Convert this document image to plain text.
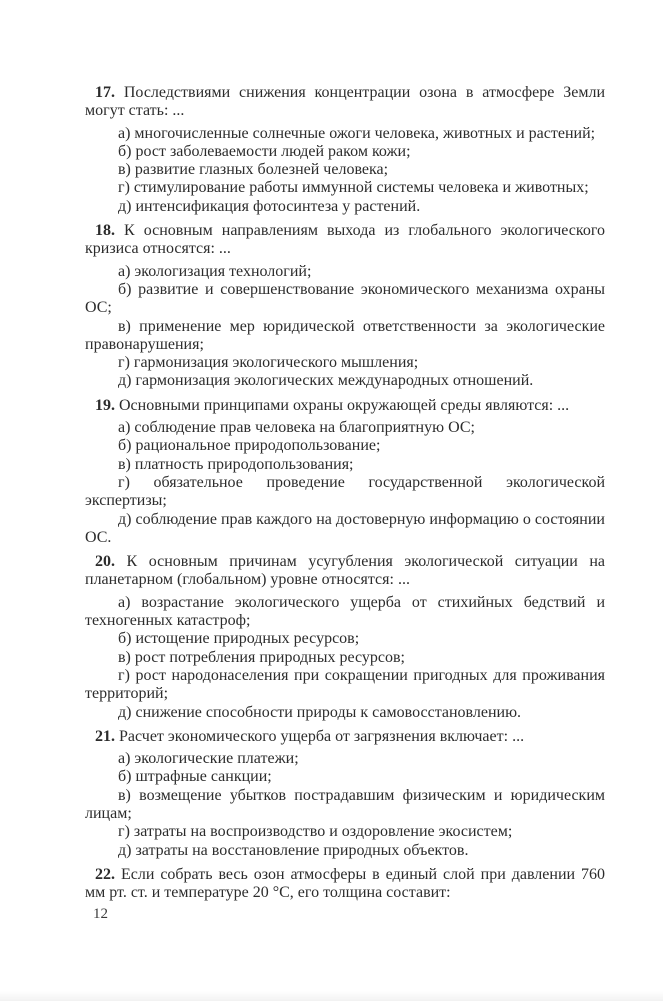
17. Последствиями снижения концентрации озона в атмосфере Земли могут стать: ...

а) многочисленные солнечные ожоги человека, животных и растений;

б) рост заболеваемости людей раком кожи;

в) развитие глазных болезней человека;

г) стимулирование работы иммунной системы человека и животных;

д) интенсификация фотосинтеза у растений.

18. К основным направлениям выхода из глобального экологического кризиса относятся: ...

а) экологизация технологий;

б) развитие и совершенствование экономического механизма охраны ОС;

в) применение мер юридической ответственности за экологические правонарушения;

г) гармонизация экологического мышления;

д) гармонизация экологических международных отношений.

19. Основными принципами охраны окружающей среды являются: ...

а) соблюдение прав человека на благоприятную ОС;

б) рациональное природопользование;

в) платность природопользования;

г) обязательное проведение государственной экологической экспертизы;

д) соблюдение прав каждого на достоверную информацию о состоянии ОС.

20. К основным причинам усугубления экологической ситуации на планетарном (глобальном) уровне относятся: ...

а) возрастание экологического ущерба от стихийных бедствий и техногенных катастроф;

б) истощение природных ресурсов;

в) рост потребления природных ресурсов;

г) рост народонаселения при сокращении пригодных для проживания территорий;

д) снижение способности природы к самовосстановлению.

21. Расчет экономического ущерба от загрязнения включает: ...

а) экологические платежи;

б) штрафные санкции;

в) возмещение убытков пострадавшим физическим и юридическим лицам;

г) затраты на воспроизводство и оздоровление экосистем;

д) затраты на восстановление природных объектов.

22. Если собрать весь озон атмосферы в единый слой при давлении 760 мм рт. ст. и температуре 20 °C, его толщина составит:

12
